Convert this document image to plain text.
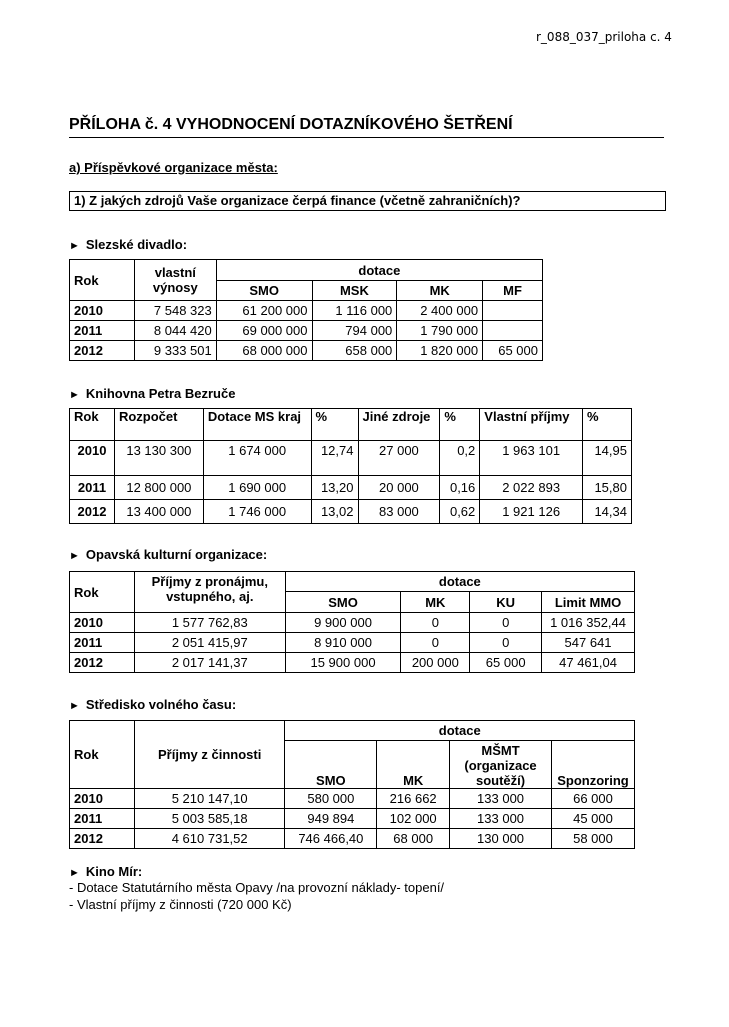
r_088_037_priloha c. 4
PŘÍLOHA č. 4 VYHODNOCENÍ DOTAZNÍKOVÉHO ŠETŘENÍ
a) Příspěvkové organizace města:
1) Z jakých zdrojů Vaše organizace čerpá finance (včetně zahraničních)?
► Slezské divadlo:
Rok	vlastní výnosy	dotace			
		SMO	MSK	MK	MF
2010	7 548 323	61 200 000	1 116 000	2 400 000	
2011	8 044 420	69 000 000	794 000	1 790 000	
2012	9 333 501	68 000 000	658 000	1 820 000	65 000
► Knihovna Petra Bezruče
Rok	Rozpočet	Dotace MS kraj	%	Jiné zdroje	%	Vlastní příjmy	%
2010	13 130 300	1 674 000	12,74	27 000	0,2	1 963 101	14,95
2011	12 800 000	1 690 000	13,20	20 000	0,16	2 022 893	15,80
2012	13 400 000	1 746 000	13,02	83 000	0,62	1 921 126	14,34
► Opavská kulturní organizace:
Rok	Příjmy z pronájmu, vstupného, aj.	dotace			
		SMO	MK	KU	Limit MMO
2010	1 577 762,83	9 900 000	0	0	1 016 352,44
2011	2 051 415,97	8 910 000	0	0	547 641
2012	2 017 141,37	15 900 000	200 000	65 000	47 461,04
► Středisko volného času:
Rok	Příjmy z činnosti	dotace			
		SMO	MK	MŠMT (organizace soutěží)	Sponzoring
2010	5 210 147,10	580 000	216 662	133 000	66 000
2011	5 003 585,18	949 894	102 000	133 000	45 000
2012	4 610 731,52	746 466,40	68 000	130 000	58 000
► Kino Mír:
- Dotace Statutárního města Opavy /na provozní náklady- topení/
- Vlastní příjmy z činnosti (720 000 Kč)
